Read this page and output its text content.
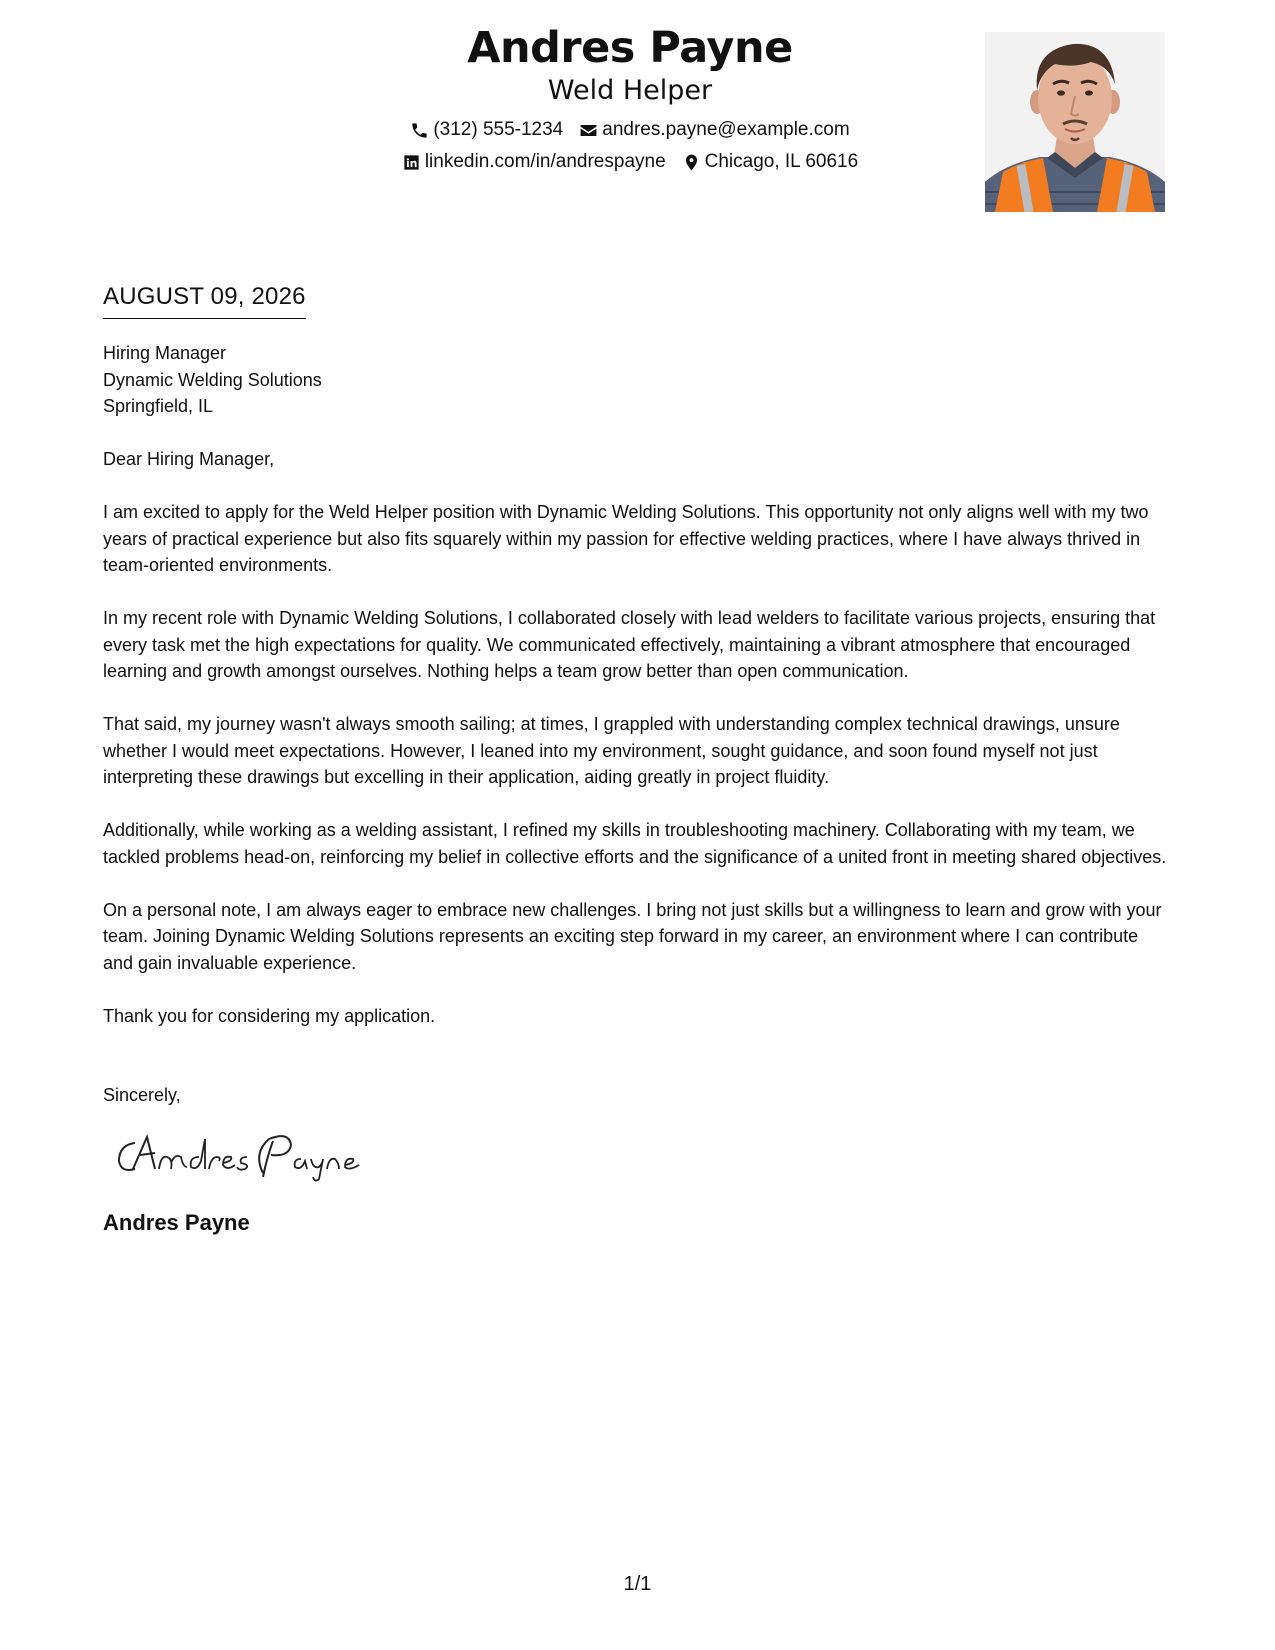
Andres Payne
Weld Helper
(312) 555-1234 andres.payne@example.com
linkedin.com/in/andrespayne Chicago, IL 60616
AUGUST 09, 2026

Hiring Manager

Dynamic Welding Solutions

Springfield, IL

Dear Hiring Manager,

I am excited to apply for the Weld Helper position with Dynamic Welding Solutions. This opportunity not only aligns well with my two years of practical experience but also fits squarely within my passion for effective welding practices, where I have always thrived in team-oriented environments.

In my recent role with Dynamic Welding Solutions, I collaborated closely with lead welders to facilitate various projects, ensuring that every task met the high expectations for quality. We communicated effectively, maintaining a vibrant atmosphere that encouraged learning and growth amongst ourselves. Nothing helps a team grow better than open communication.

That said, my journey wasn't always smooth sailing; at times, I grappled with understanding complex technical drawings, unsure whether I would meet expectations. However, I leaned into my environment, sought guidance, and soon found myself not just interpreting these drawings but excelling in their application, aiding greatly in project fluidity.

Additionally, while working as a welding assistant, I refined my skills in troubleshooting machinery. Collaborating with my team, we tackled problems head-on, reinforcing my belief in collective efforts and the significance of a united front in meeting shared objectives.

On a personal note, I am always eager to embrace new challenges. I bring not just skills but a willingness to learn and grow with your team. Joining Dynamic Welding Solutions represents an exciting step forward in my career, an environment where I can contribute and gain invaluable experience.

Thank you for considering my application.

Sincerely,

Andres Payne
1/1
